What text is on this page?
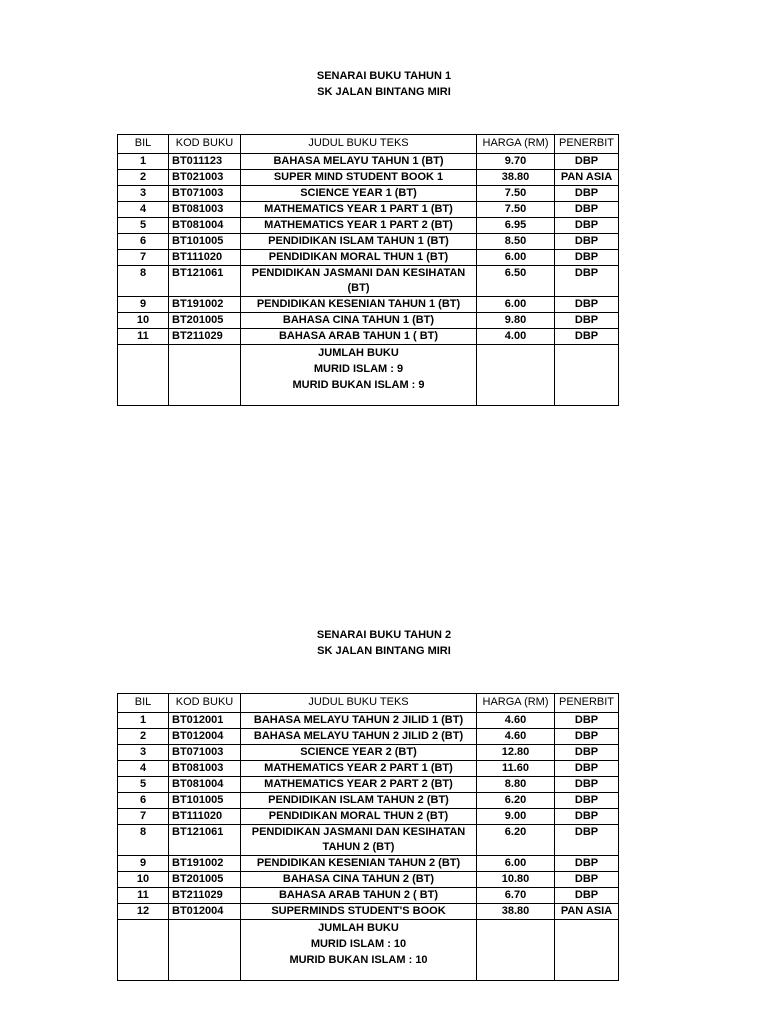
SENARAI BUKU TAHUN 1
SK JALAN BINTANG MIRI
BIL	KOD BUKU	JUDUL BUKU TEKS	HARGA (RM)	PENERBIT
1	BT011123	BAHASA MELAYU TAHUN 1 (BT)	9.70	DBP
2	BT021003	SUPER MIND STUDENT BOOK 1	38.80	PAN ASIA
3	BT071003	SCIENCE YEAR 1 (BT)	7.50	DBP
4	BT081003	MATHEMATICS YEAR 1 PART 1 (BT)	7.50	DBP
5	BT081004	MATHEMATICS YEAR 1 PART 2 (BT)	6.95	DBP
6	BT101005	PENDIDIKAN ISLAM TAHUN 1 (BT)	8.50	DBP
7	BT111020	PENDIDIKAN MORAL THUN 1 (BT)	6.00	DBP
8	BT121061	PENDIDIKAN JASMANI DAN KESIHATAN (BT)	6.50	DBP
9	BT191002	PENDIDIKAN KESENIAN TAHUN 1 (BT)	6.00	DBP
10	BT201005	BAHASA CINA TAHUN 1 (BT)	9.80	DBP
11	BT211029	BAHASA ARAB TAHUN 1 ( BT)	4.00	DBP

		JUMLAH BUKU
MURID ISLAM : 9
MURID BUKAN ISLAM : 9		

SENARAI BUKU TAHUN 2
SK JALAN BINTANG MIRI
BIL	KOD BUKU	JUDUL BUKU TEKS	HARGA (RM)	PENERBIT
1	BT012001	BAHASA MELAYU TAHUN 2 JILID 1 (BT)	4.60	DBP
2	BT012004	BAHASA MELAYU TAHUN 2 JILID 2 (BT)	4.60	DBP
3	BT071003	SCIENCE YEAR 2 (BT)	12.80	DBP
4	BT081003	MATHEMATICS YEAR 2 PART 1 (BT)	11.60	DBP
5	BT081004	MATHEMATICS YEAR 2 PART 2 (BT)	8.80	DBP
6	BT101005	PENDIDIKAN ISLAM TAHUN 2 (BT)	6.20	DBP
7	BT111020	PENDIDIKAN MORAL THUN 2 (BT)	9.00	DBP
8	BT121061	PENDIDIKAN JASMANI DAN KESIHATAN TAHUN 2 (BT)	6.20	DBP
9	BT191002	PENDIDIKAN KESENIAN TAHUN 2 (BT)	6.00	DBP
10	BT201005	BAHASA CINA TAHUN 2 (BT)	10.80	DBP
11	BT211029	BAHASA ARAB TAHUN 2 ( BT)	6.70	DBP
12	BT012004	SUPERMINDS STUDENT'S BOOK	38.80	PAN ASIA

		JUMLAH BUKU
MURID ISLAM : 10
MURID BUKAN ISLAM : 10		
